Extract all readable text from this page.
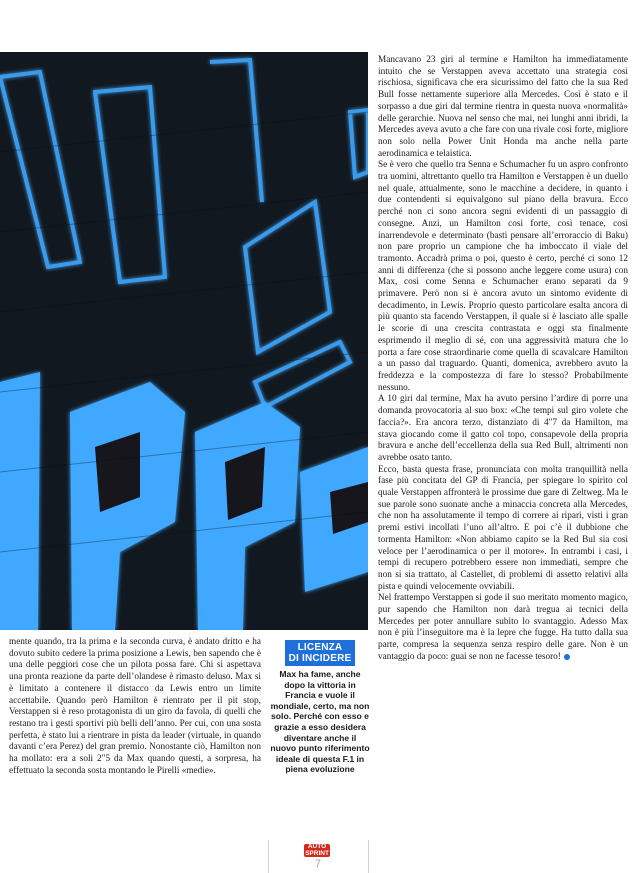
Mancavano 23 giri al termine e Hamilton ha immediatamente intuito che se Verstappen aveva accettato una strategia così rischiosa, significava che era sicurissimo del fatto che la sua Red Bull fosse nettamente superiore alla Mercedes. Così è stato e il sorpasso a due giri dal termine rientra in questa nuova «normalità» delle gerarchie. Nuova nel senso che mai, nei lunghi anni ibridi, la Mercedes aveva avuto a che fare con una rivale così forte, migliore non solo nella Power Unit Honda ma anche nella parte aerodinamica e telaistica.

Se è vero che quello tra Senna e Schumacher fu un aspro confronto tra uomini, altrettanto quello tra Hamilton e Verstappen è un duello nel quale, attualmente, sono le macchine a decidere, in quanto i due contendenti si equivalgono sul piano della bravura. Ecco perché non ci sono ancora segni evidenti di un passaggio di consegne. Anzi, un Hamilton così forte, così tenace, così inarrendevole e determinato (basti pensare all’erroraccio di Baku) non pare proprio un campione che ha imboccato il viale del tramonto. Accadrà prima o poi, questo è certo, perché ci sono 12 anni di differenza (che si possono anche leggere come usura) con Max, così come Senna e Schumacher erano separati da 9 primavere. Però non si è ancora avuto un sintomo evidente di decadimento, in Lewis. Proprio questo particolare esalta ancora di più quanto sta facendo Verstappen, il quale si è lasciato alle spalle le scorie di una crescita contrastata e oggi sta finalmente esprimendo il meglio di sé, con una aggressività matura che lo porta a fare cose straordinarie come quella di scavalcare Hamilton a un passo dal traguardo. Quanti, domenica, avrebbero avuto la freddezza e la compostezza di fare lo stesso? Probabilmente nessuno.

A 10 giri dal termine, Max ha avuto persino l’ardire di porre una domanda provocatoria al suo box: «Che tempi sul giro volete che faccia?». Era ancora terzo, distanziato di 4"7 da Hamilton, ma stava giocando come il gatto col topo, consapevole della propria bravura e anche dell’eccellenza della sua Red Bull, altrimenti non avrebbe osato tanto.

Ecco, basta questa frase, pronunciata con molta tranquillità nella fase più concitata del GP di Francia, per spiegare lo spirito col quale Verstappen affronterà le prossime due gare di Zeltweg. Ma le sue parole sono suonate anche a minaccia concreta alla Mercedes, che non ha assolutamente il tempo di correre ai ripari, visti i gran premi estivi incollati l’uno all’altro. E poi c’è il dubbione che tormenta Hamilton: «Non abbiamo capito se la Red Bul sia così veloce per l’aerodinamica o per il motore». In entrambi i casi, i tempi di recupero potrebbero essere non immediati, sempre che non si sia trattato, al Castellet, di problemi di assetto relativi alla pista e quindi velocemente ovviabili.

Nel frattempo Verstappen si gode il suo meritato momento magico, pur sapendo che Hamilton non darà tregua ai tecnici della Mercedes per poter annullare subito lo svantaggio. Adesso Max non è più l’inseguitore ma è la lepre che fugge. Ha tutto dalla sua parte, compresa la sequenza senza respiro delle gare. Non è un vantaggio da poco: guai se non ne facesse tesoro!

mente quando, tra la prima e la seconda curva, è andato dritto e ha dovuto subito cedere la prima posizione a Lewis, ben sapendo che è una delle peggiori cose che un pilota possa fare. Chi si aspettava una pronta reazione da parte dell’olandese è rimasto deluso. Max si è limitato a contenere il distacco da Lewis entro un limite accettabile. Quando però Hamilton è rientrato per il pit stop, Verstappen si è reso protagonista di un giro da favola, di quelli che restano tra i gesti sportivi più belli dell’anno. Per cui, con una sosta perfetta, è stato lui a rientrare in pista da leader (virtuale, in quando davanti c’era Perez) del gran premio. Nonostante ciò, Hamilton non ha mollato: era a soli 2"5 da Max quando questi, a sorpresa, ha effettuato la seconda sosta montando le Pirelli «medie».

LICENZA
DI INCIDERE
Max ha fame, anche dopo la vittoria in Francia e vuole il mondiale, certo, ma non solo. Perché con esso e grazie a esso desidera diventare anche il nuovo punto riferimento ideale di questa F.1 in piena evoluzione
AUTO
SPRINT
7
